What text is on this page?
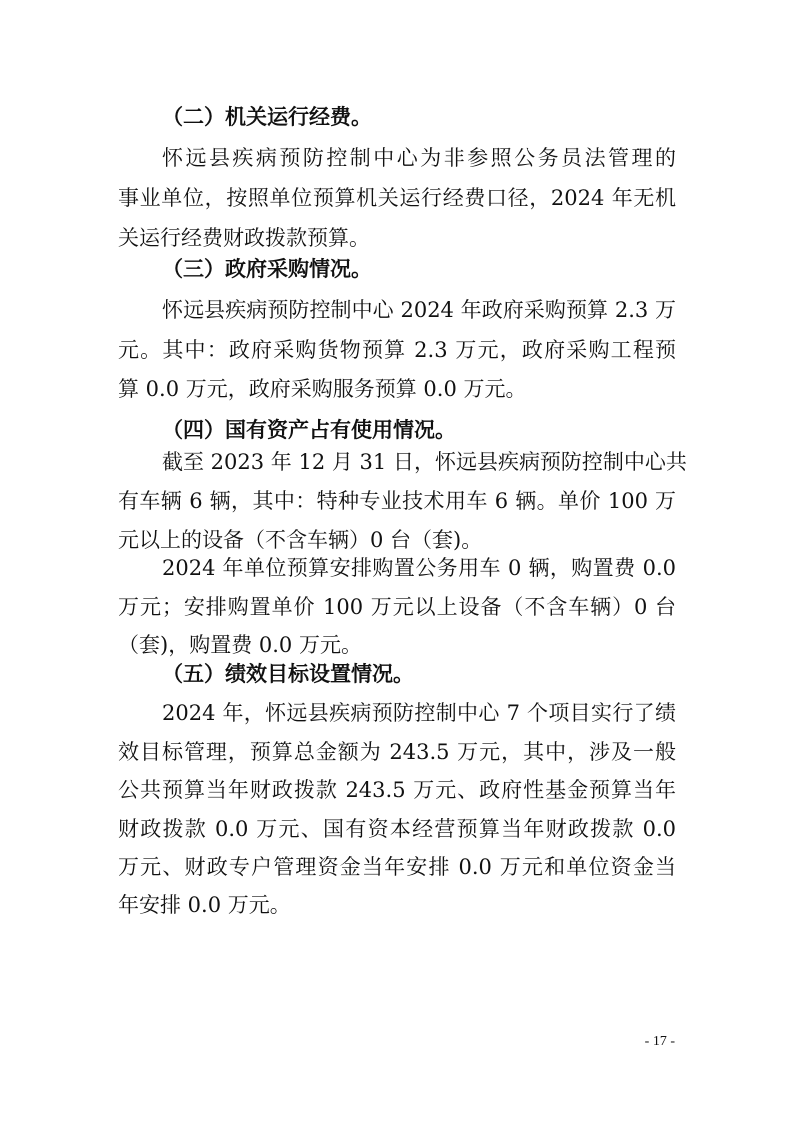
（二）机关运行经费。
怀远县疾病预防控制中心为非参照公务员法管理的
事业单位，按照单位预算机关运行经费口径，2024 年无机
关运行经费财政拨款预算。
（三）政府采购情况。
怀远县疾病预防控制中心 2024 年政府采购预算 2.3 万
元。其中：政府采购货物预算 2.3 万元，政府采购工程预
算 0.0 万元，政府采购服务预算 0.0 万元。
（四）国有资产占有使用情况。
截至 2023 年 12 月 31 日，怀远县疾病预防控制中心共
有车辆 6 辆，其中：特种专业技术用车 6 辆。单价 100 万
元以上的设备（不含车辆）0 台（套)。
2024 年单位预算安排购置公务用车 0 辆，购置费 0.0
万元；安排购置单价 100 万元以上设备（不含车辆）0 台
（套)，购置费 0.0 万元。
（五）绩效目标设置情况。
2024 年，怀远县疾病预防控制中心 7 个项目实行了绩
效目标管理，预算总金额为 243.5 万元，其中，涉及一般
公共预算当年财政拨款 243.5 万元、政府性基金预算当年
财政拨款 0.0 万元、国有资本经营预算当年财政拨款 0.0
万元、财政专户管理资金当年安排 0.0 万元和单位资金当
年安排 0.0 万元。
- 17 -
